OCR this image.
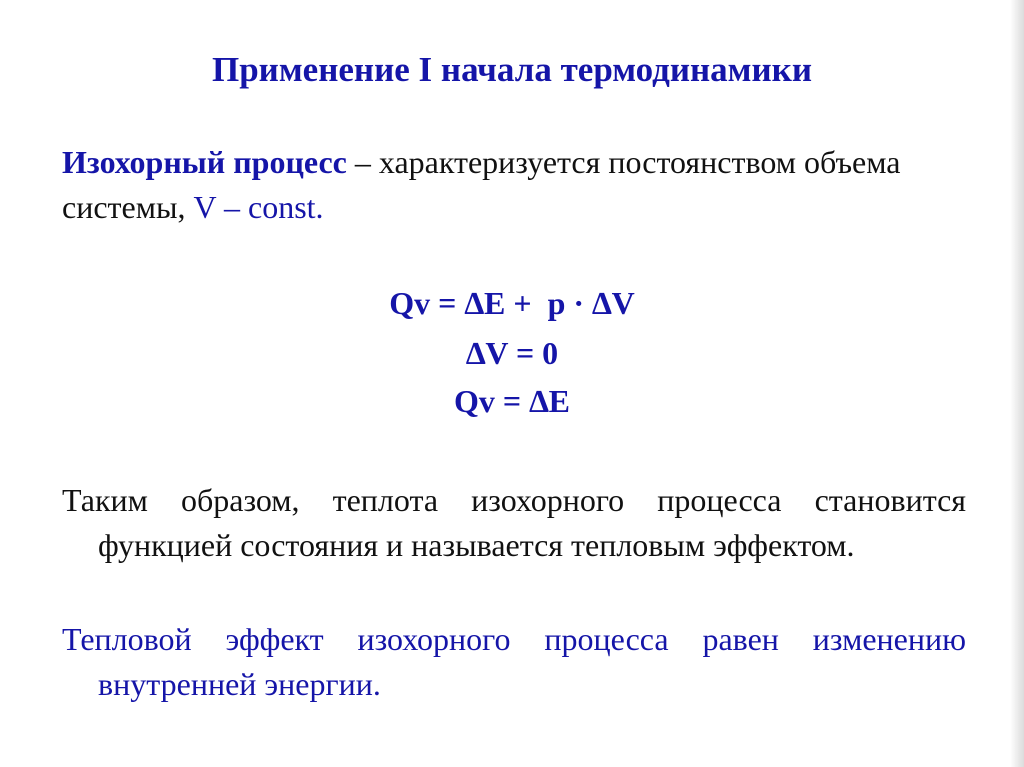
Применение I начала термодинамики
Изохорный процесс – характеризуется постоянством объема
системы, V – const.
Qv = ∆E +  p · ∆V
∆V = 0
Qv = ∆E
Таким образом, теплота изохорного процесса становится
функцией состояния и называется тепловым эффектом.
Тепловой эффект изохорного процесса равен изменению
внутренней энергии.
